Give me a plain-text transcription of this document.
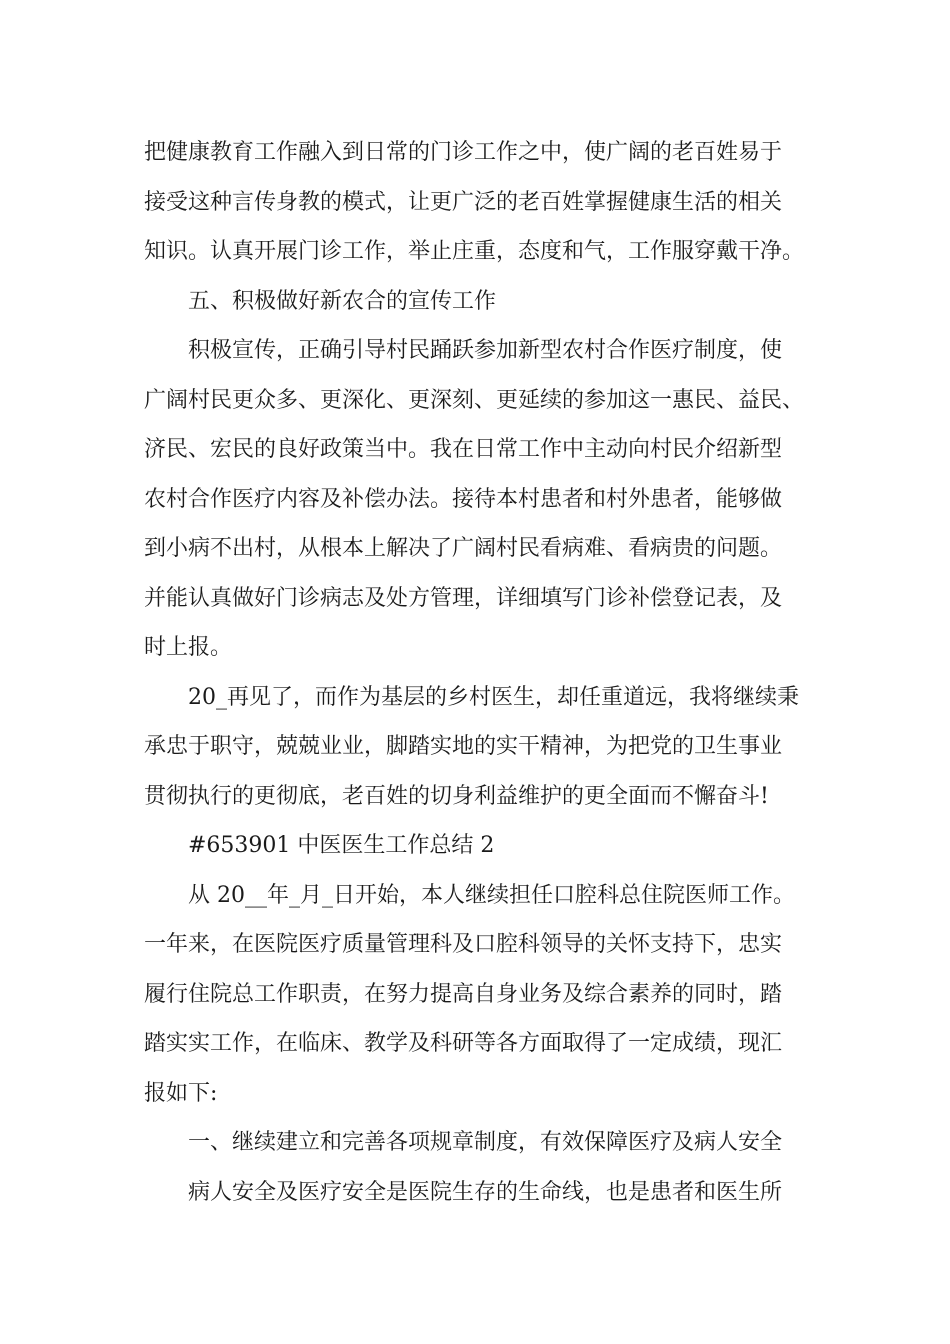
把健康教育工作融入到日常的门诊工作之中，使广阔的老百姓易于
接受这种言传身教的模式，让更广泛的老百姓掌握健康生活的相关
知识。认真开展门诊工作，举止庄重，态度和气，工作服穿戴干净。
五、积极做好新农合的宣传工作
积极宣传，正确引导村民踊跃参加新型农村合作医疗制度，使
广阔村民更众多、更深化、更深刻、更延续的参加这一惠民、益民、
济民、宏民的良好政策当中。我在日常工作中主动向村民介绍新型
农村合作医疗内容及补偿办法。接待本村患者和村外患者，能够做
到小病不出村，从根本上解决了广阔村民看病难、看病贵的问题。
并能认真做好门诊病志及处方管理，详细填写门诊补偿登记表，及
时上报。
20_再见了，而作为基层的乡村医生，却任重道远，我将继续秉
承忠于职守，兢兢业业，脚踏实地的实干精神，为把党的卫生事业
贯彻执行的更彻底，老百姓的切身利益维护的更全面而不懈奋斗!
#653901 中医医生工作总结 2
从 20__年_月_日开始，本人继续担任口腔科总住院医师工作。
一年来，在医院医疗质量管理科及口腔科领导的关怀支持下，忠实
履行住院总工作职责，在努力提高自身业务及综合素养的同时，踏
踏实实工作，在临床、教学及科研等各方面取得了一定成绩，现汇
报如下:
一、继续建立和完善各项规章制度，有效保障医疗及病人安全
病人安全及医疗安全是医院生存的生命线，也是患者和医生所
